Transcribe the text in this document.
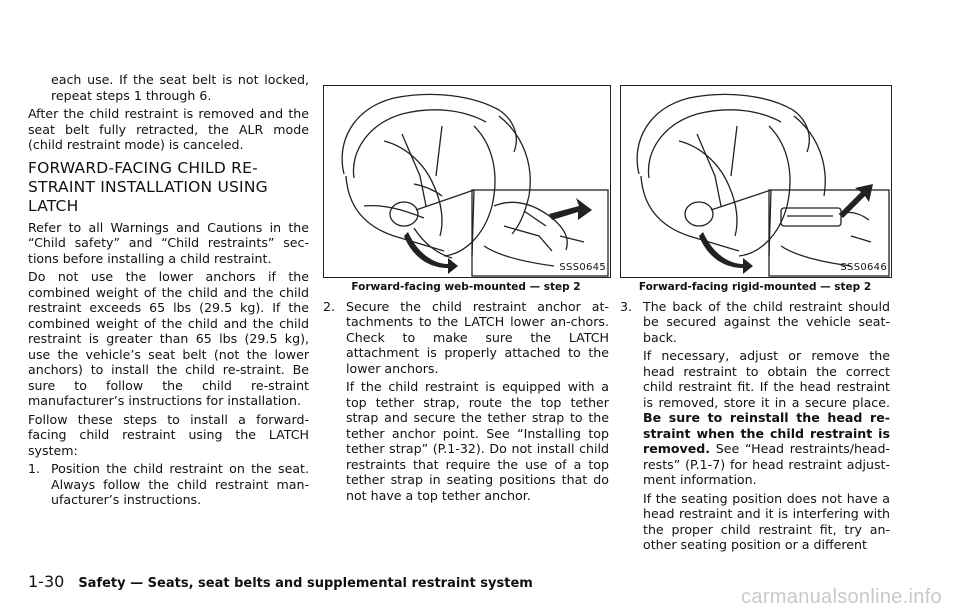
each use. If the seat belt is not locked, repeat steps 1 through 6.

After the child restraint is removed and the seat belt fully retracted, the ALR mode (child restraint mode) is canceled.

FORWARD-FACING CHILD RE-STRAINT INSTALLATION USING LATCH

Refer to all Warnings and Cautions in the “Child safety” and “Child restraints” sec-tions before installing a child restraint.

Do not use the lower anchors if the combined weight of the child and the child restraint exceeds 65 lbs (29.5 kg). If the combined weight of the child and the child restraint is greater than 65 lbs (29.5 kg), use the vehicle’s seat belt (not the lower anchors) to install the child re-straint. Be sure to follow the child re-straint manufacturer’s instructions for installation.

Follow these steps to install a forward-facing child restraint using the LATCH system:

1. Position the child restraint on the seat. Always follow the child restraint man-ufacturer’s instructions.

SSS0645
Forward-facing web-mounted — step 2
2. Secure the child restraint anchor at-tachments to the LATCH lower an-chors. Check to make sure the LATCH attachment is properly attached to the lower anchors.

If the child restraint is equipped with a top tether strap, route the top tether strap and secure the tether strap to the tether anchor point. See “Installing top tether strap” (P.1-32). Do not install child restraints that require the use of a top tether strap in seating positions that do not have a top tether anchor.

SSS0646
Forward-facing rigid-mounted — step 2
3. The back of the child restraint should be secured against the vehicle seat-back.

If necessary, adjust or remove the head restraint to obtain the correct child restraint fit. If the head restraint is removed, store it in a secure place. Be sure to reinstall the head re-straint when the child restraint is removed. See “Head restraints/head-rests” (P.1-7) for head restraint adjust-ment information.

If the seating position does not have a head restraint and it is interfering with the proper child restraint fit, try an-other seating position or a different

1-30 Safety — Seats, seat belts and supplemental restraint system
carmanualsonline.info
